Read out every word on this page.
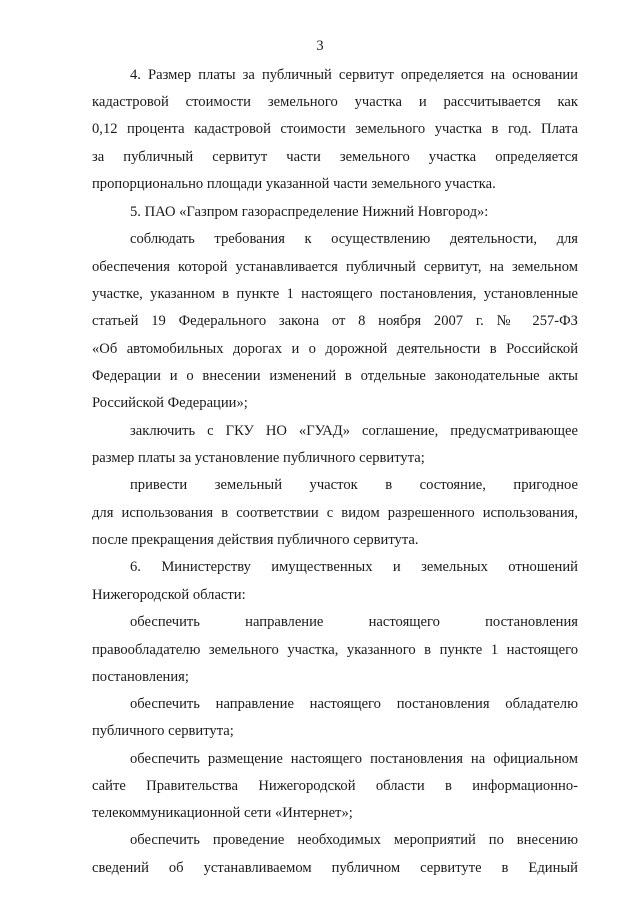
3
4. Размер платы за публичный сервитут определяется на основании
кадастровой стоимости земельного участка и рассчитывается как
0,12 процента кадастровой стоимости земельного участка в год. Плата
за публичный сервитут части земельного участка определяется
пропорционально площади указанной части земельного участка.
5. ПАО «Газпром газораспределение Нижний Новгород»:
соблюдать требования к осуществлению деятельности, для
обеспечения которой устанавливается публичный сервитут, на земельном
участке, указанном в пункте 1 настоящего постановления, установленные
статьей 19 Федерального закона от 8 ноября 2007 г. № 257-ФЗ
«Об автомобильных дорогах и о дорожной деятельности в Российской
Федерации и о внесении изменений в отдельные законодательные акты
Российской Федерации»;
заключить с ГКУ НО «ГУАД» соглашение, предусматривающее
размер платы за установление публичного сервитута;
привести земельный участок в состояние, пригодное
для использования в соответствии с видом разрешенного использования,
после прекращения действия публичного сервитута.
6. Министерству имущественных и земельных отношений
Нижегородской области:
обеспечить направление настоящего постановления
правообладателю земельного участка, указанного в пункте 1 настоящего
постановления;
обеспечить направление настоящего постановления обладателю
публичного сервитута;
обеспечить размещение настоящего постановления на официальном
сайте Правительства Нижегородской области в информационно-
телекоммуникационной сети «Интернет»;
обеспечить проведение необходимых мероприятий по внесению
сведений об устанавливаемом публичном сервитуте в Единый
